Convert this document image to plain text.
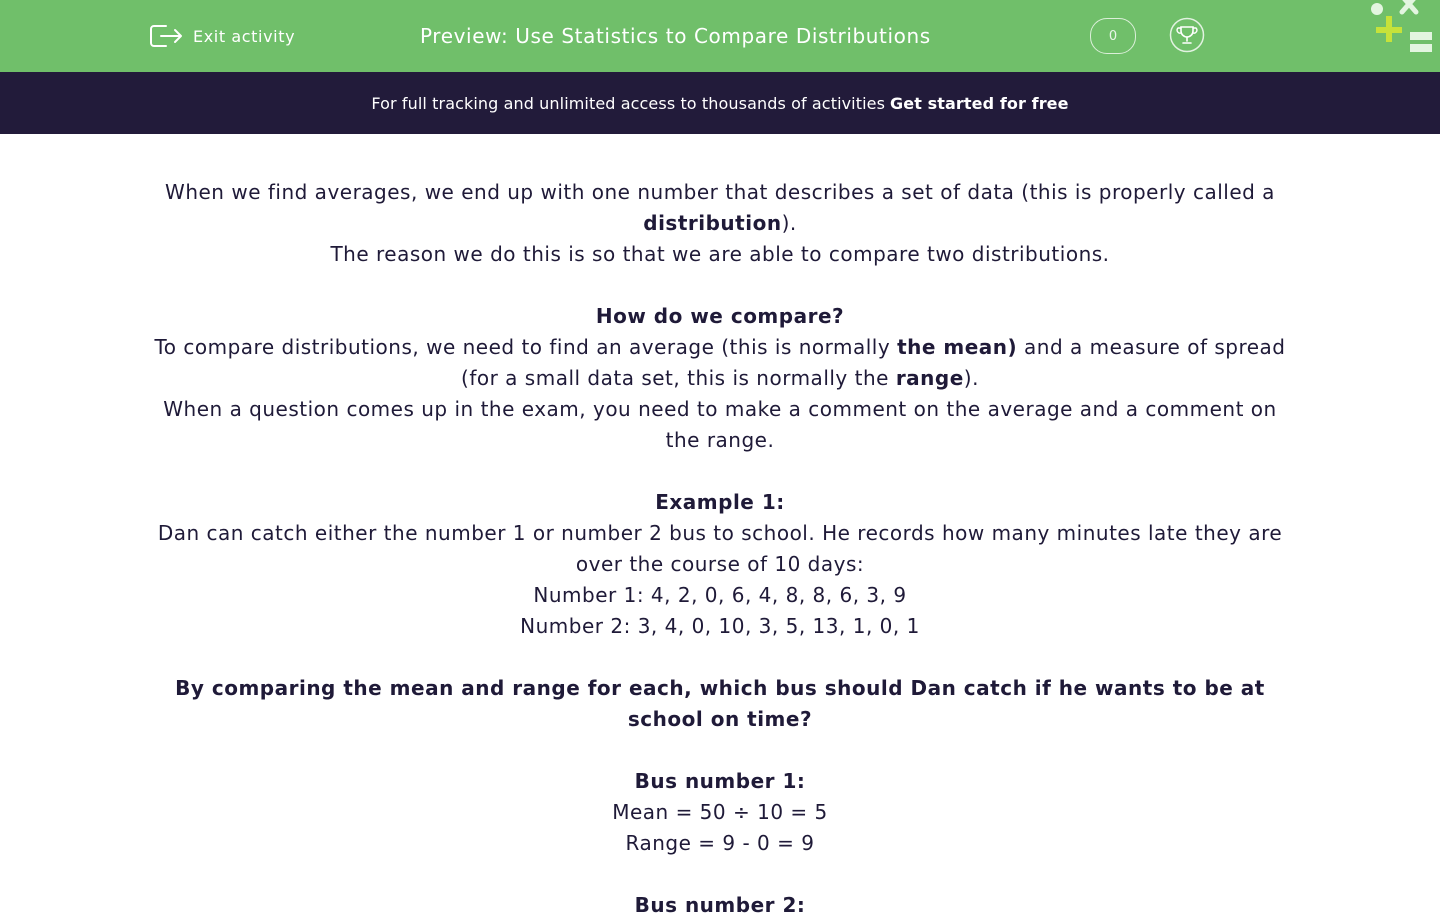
Exit activity	Preview: Use Statistics to Compare Distributions	0
For full tracking and unlimited access to thousands of activities Get started for free

When we find averages, we end up with one number that describes a set of data (this is properly called a distribution).

The reason we do this is so that we are able to compare two distributions.

How do we compare?

To compare distributions, we need to find an average (this is normally the mean) and a measure of spread (for a small data set, this is normally the range).

When a question comes up in the exam, you need to make a comment on the average and a comment on the range.

Example 1:

Dan can catch either the number 1 or number 2 bus to school. He records how many minutes late they are over the course of 10 days:

Number 1: 4, 2, 0, 6, 4, 8, 8, 6, 3, 9

Number 2: 3, 4, 0, 10, 3, 5, 13, 1, 0, 1

By comparing the mean and range for each, which bus should Dan catch if he wants to be at school on time?

Bus number 1:

Mean = 50 ÷ 10 = 5

Range = 9 - 0 = 9

Bus number 2:
